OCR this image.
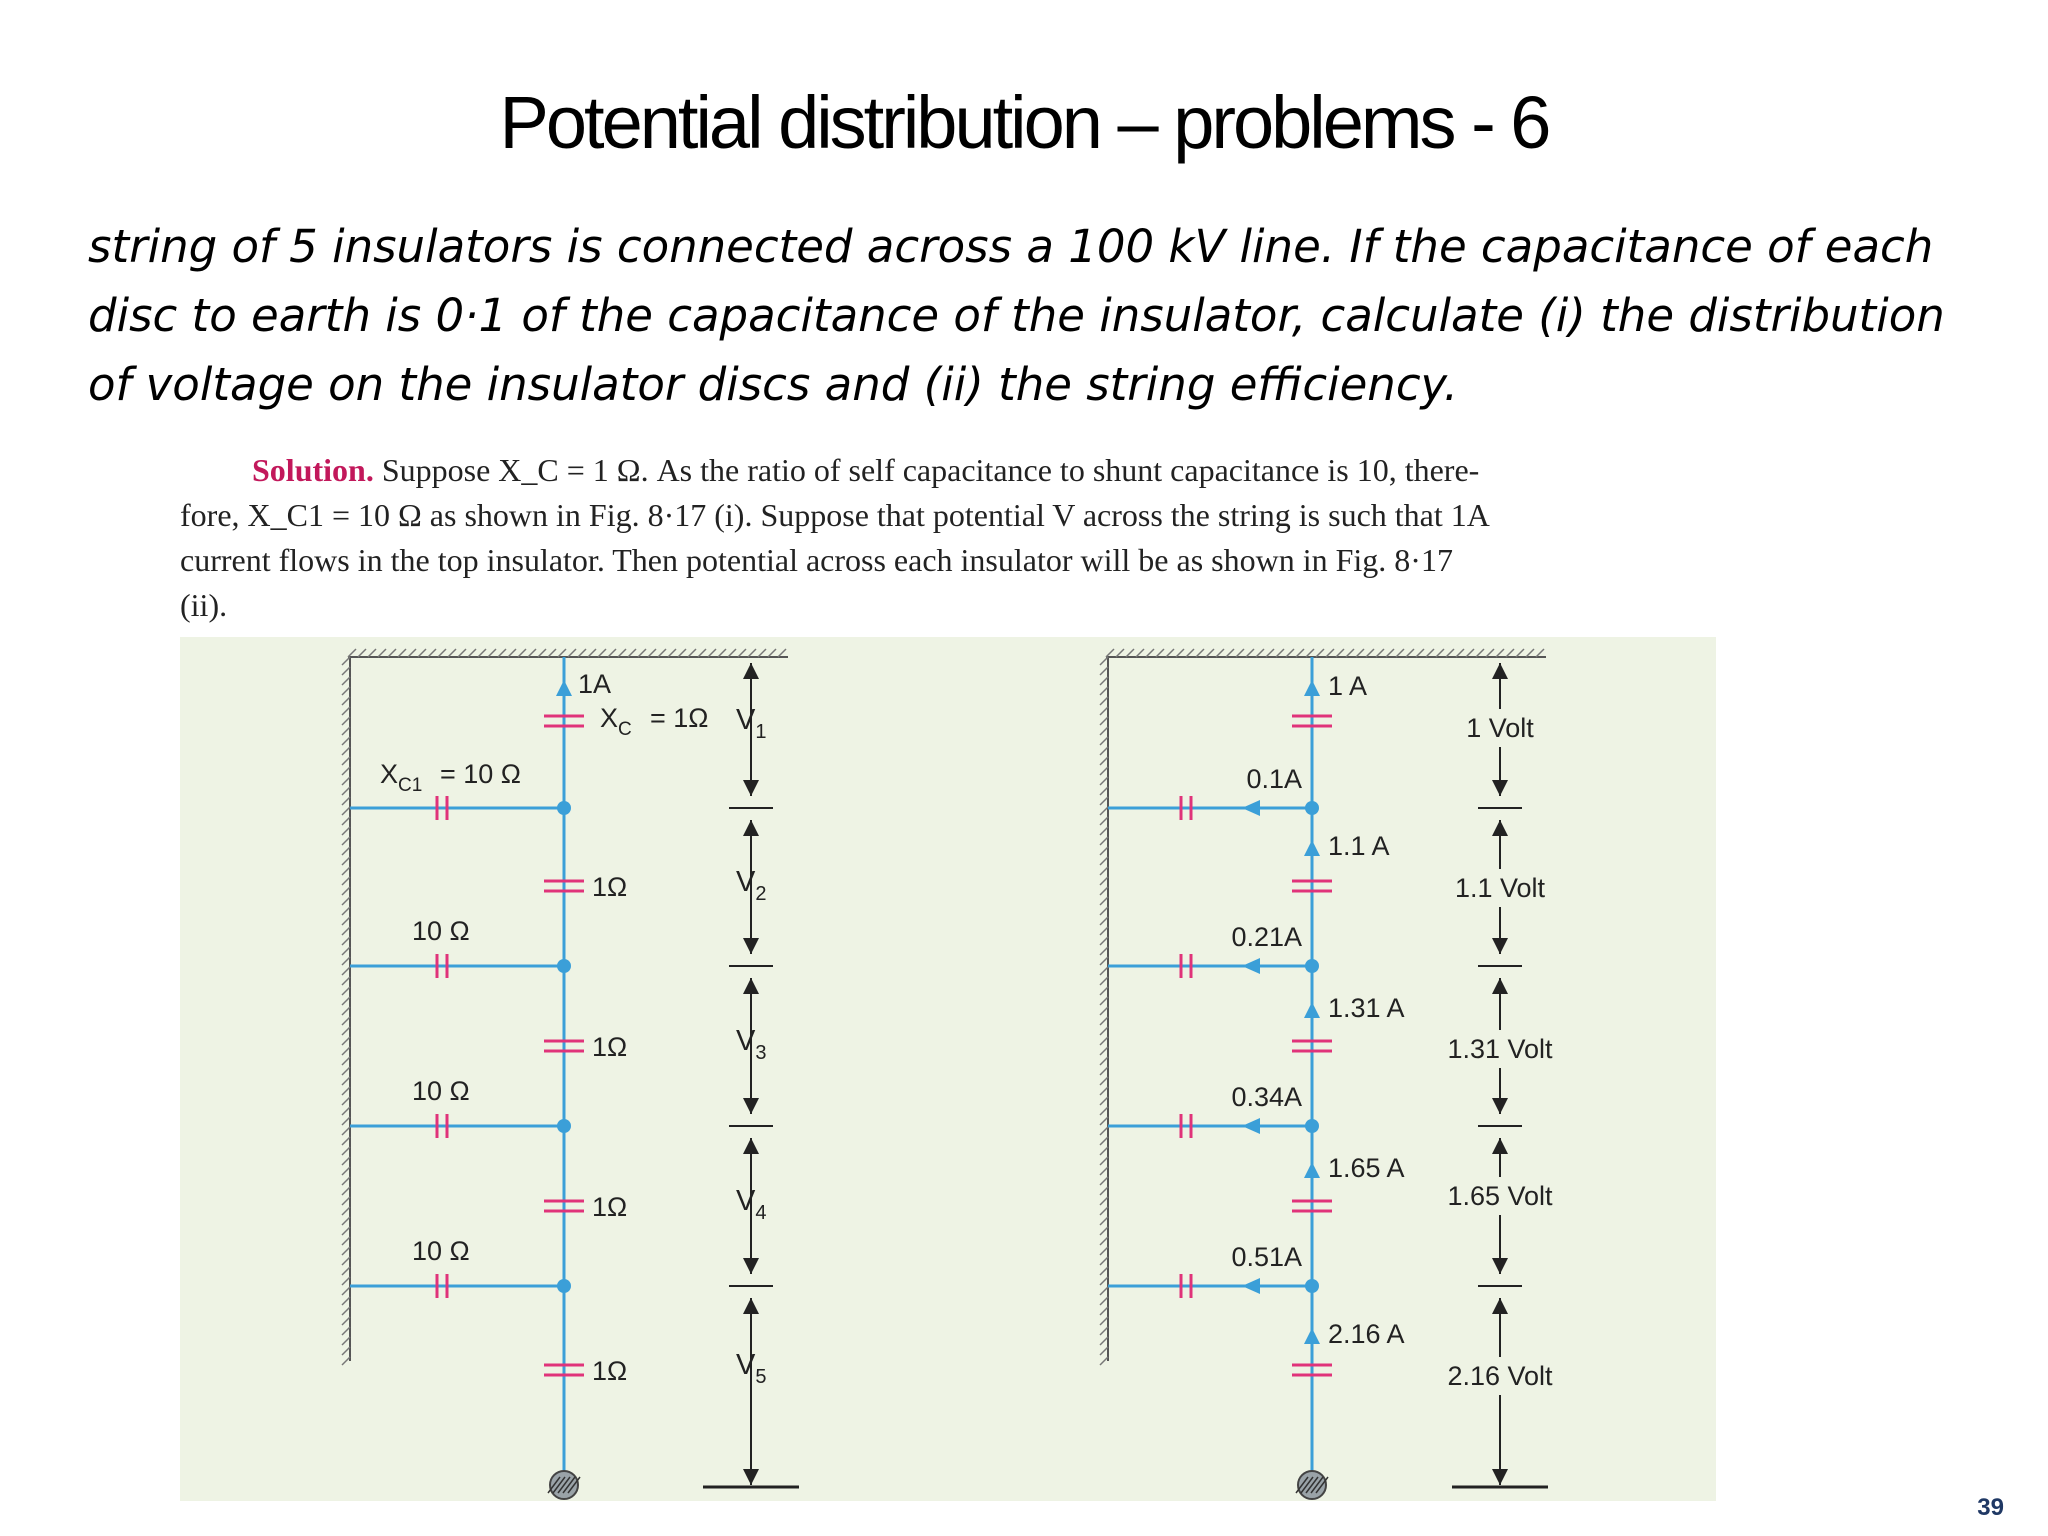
Potential distribution – problems - 6

string of 5 insulators is connected across a 100 kV line. If the capacitance of each disc to earth is 0·1 of the capacitance of the insulator, calculate (i) the distribution of voltage on the insulator discs and (ii) the string efficiency.

Solution. Suppose X_C = 1 Ω. As the ratio of self capacitance to shunt capacitance is 10, there-
fore, X_C1 = 10 Ω as shown in Fig. 8·17 (i). Suppose that potential V across the string is such that 1A
current flows in the top insulator. Then potential across each insulator will be as shown in Fig. 8·17
(ii).
1A
$X_C = 1\Omega$
$X_{C1} = 10$ Ω
1Ω
1Ω
1Ω
1Ω
10 Ω
10 Ω
10 Ω
$V_1$
$V_2$
$V_3$
$V_4$
$V_5$
1 A
1.1 A
1.31 A
1.65 A
2.16 A
0.1A
0.21A
0.34A
0.51A
1 Volt
1.1 Volt
1.31 Volt
1.65 Volt
2.16 Volt
39
